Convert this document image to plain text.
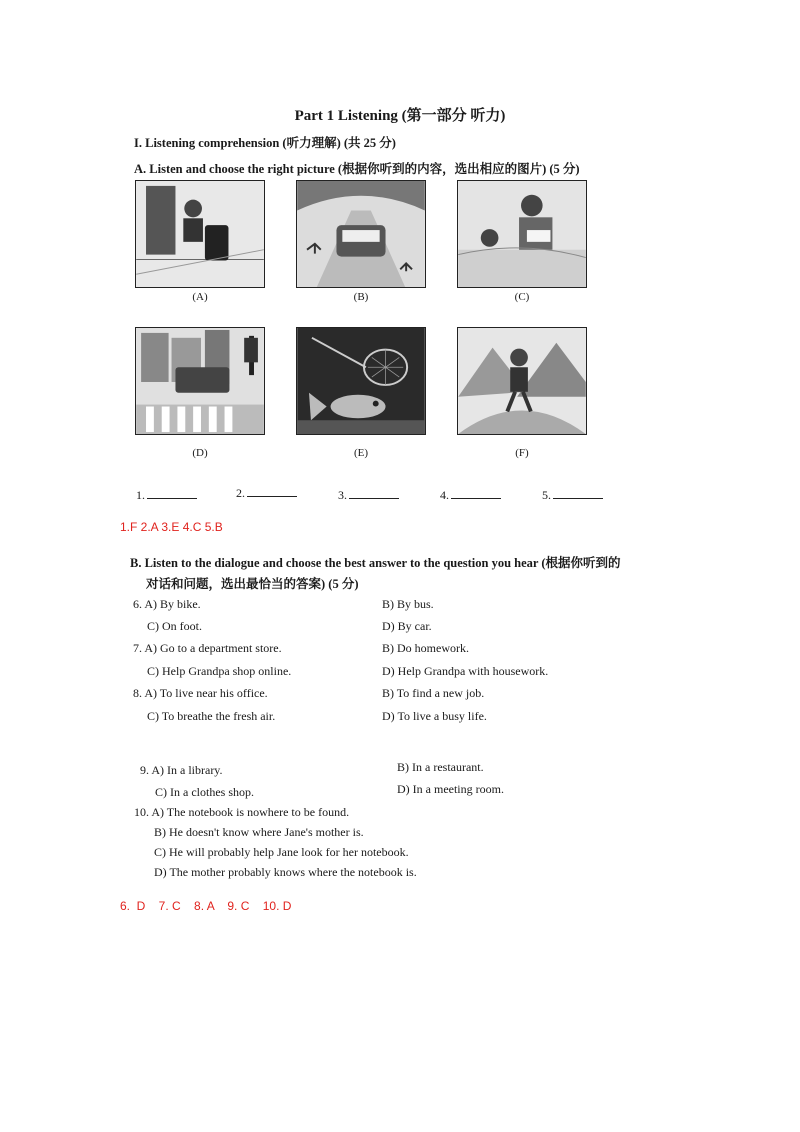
Part 1 Listening (第一部分 听力)
I. Listening comprehension (听力理解) (共 25 分)
A. Listen and choose the right picture (根据你听到的内容，选出相应的图片) (5 分)
(A)	(B)	(C)
(D)	(E)	(F)
1.	2.	3.	4.	5.
1.F 2.A 3.E 4.C 5.B
B. Listen to the dialogue and choose the best answer to the question you hear (根据你听到的
对话和问题，选出最恰当的答案) (5 分)
6. A) By bike.	B) By bus.
C) On foot.	D) By car.
7. A) Go to a department store.	B) Do homework.
C) Help Grandpa shop online.	D) Help Grandpa with housework.
8. A) To live near his office.	B) To find a new job.
C) To breathe the fresh air.	D) To live a busy life.
9. A) In a library.	B) In a restaurant.
C) In a clothes shop.	D) In a meeting room.
10. A) The notebook is nowhere to be found.
B) He doesn't know where Jane's mother is.
C) He will probably help Jane look for her notebook.
D) The mother probably knows where the notebook is.
6.  D    7. C    8. A    9. C    10. D
